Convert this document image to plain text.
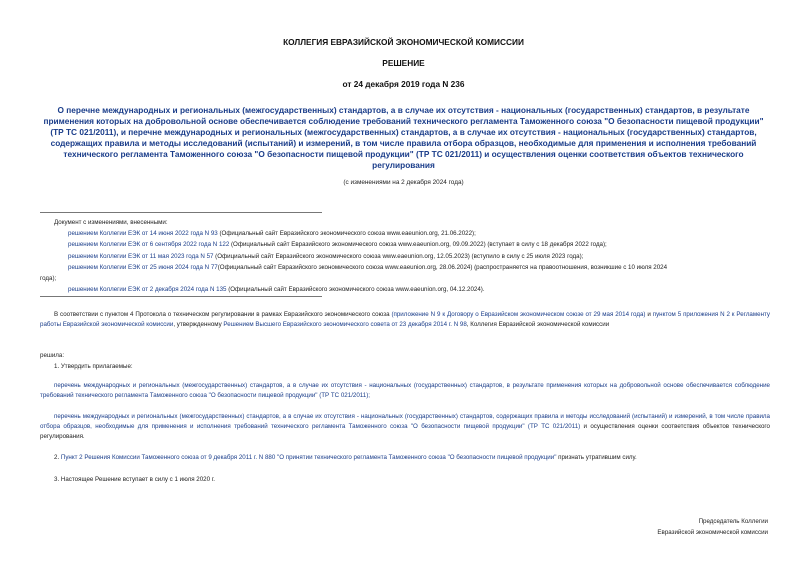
КОЛЛЕГИЯ ЕВРАЗИЙСКОЙ ЭКОНОМИЧЕСКОЙ КОМИССИИ
РЕШЕНИЕ
от 24 декабря 2019 года N 236
О перечне международных и региональных (межгосударственных) стандартов, а в случае их отсутствия - национальных (государственных) стандартов, в результате применения которых на добровольной основе обеспечивается соблюдение требований технического регламента Таможенного союза "О безопасности пищевой продукции" (ТР ТС 021/2011), и перечне международных и региональных (межгосударственных) стандартов, а в случае их отсутствия - национальных (государственных) стандартов, содержащих правила и методы исследований (испытаний) и измерений, в том числе правила отбора образцов, необходимые для применения и исполнения требований технического регламента Таможенного союза "О безопасности пищевой продукции" (ТР ТС 021/2011) и осуществления оценки соответствия объектов технического регулирования
(с изменениями на 2 декабря 2024 года)
Документ с изменениями, внесенными:
решением Коллегии ЕЭК от 14 июня 2022 года N 93 (Официальный сайт Евразийского экономического союза www.eaeunion.org, 21.06.2022);
решением Коллегии ЕЭК от 6 сентября 2022 года N 122 (Официальный сайт Евразийского экономического союза www.eaeunion.org, 09.09.2022) (вступает в силу с 18 декабря 2022 года);
решением Коллегии ЕЭК от 11 мая 2023 года N 57 (Официальный сайт Евразийского экономического союза www.eaeunion.org, 12.05.2023) (вступило в силу с 25 июля 2023 года);
решением Коллегии ЕЭК от 25 июня 2024 года N 77(Официальный сайт Евразийского экономического союза www.eaeunion.org, 28.06.2024) (распространяется на правоотношения, возникшие с 10 июля 2024
года);
решением Коллегии ЕЭК от 2 декабря 2024 года N 135 (Официальный сайт Евразийского экономического союза www.eaeunion.org, 04.12.2024).

В соответствии с пунктом 4 Протокола о техническом регулировании в рамках Евразийского экономического союза (приложение N 9 к Договору о Евразийском экономическом союзе от 29 мая 2014 года) и пунктом 5 приложения N 2 к Регламенту работы Евразийской экономической комиссии, утвержденному Решением Высшего Евразийского экономического совета от 23 декабря 2014 г. N 98, Коллегия Евразийской экономической комиссии

решила:
1. Утвердить прилагаемые:

перечень международных и региональных (межгосударственных) стандартов, а в случае их отсутствия - национальных (государственных) стандартов, в результате применения которых на добровольной основе обеспечивается соблюдение требований технического регламента Таможенного союза "О безопасности пищевой продукции" (ТР ТС 021/2011);

перечень международных и региональных (межгосударственных) стандартов, а в случае их отсутствия - национальных (государственных) стандартов, содержащих правила и методы исследований (испытаний) и измерений, в том числе правила отбора образцов, необходимые для применения и исполнения требований технического регламента Таможенного союза "О безопасности пищевой продукции" (ТР ТС 021/2011) и осуществления оценки соответствия объектов технического регулирования.

2. Пункт 2 Решения Комиссии Таможенного союза от 9 декабря 2011 г. N 880 "О принятии технического регламента Таможенного союза "О безопасности пищевой продукции" признать утратившим силу.

3. Настоящее Решение вступает в силу с 1 июля 2020 г.
Председатель Коллегии
Евразийской экономической комиссии
